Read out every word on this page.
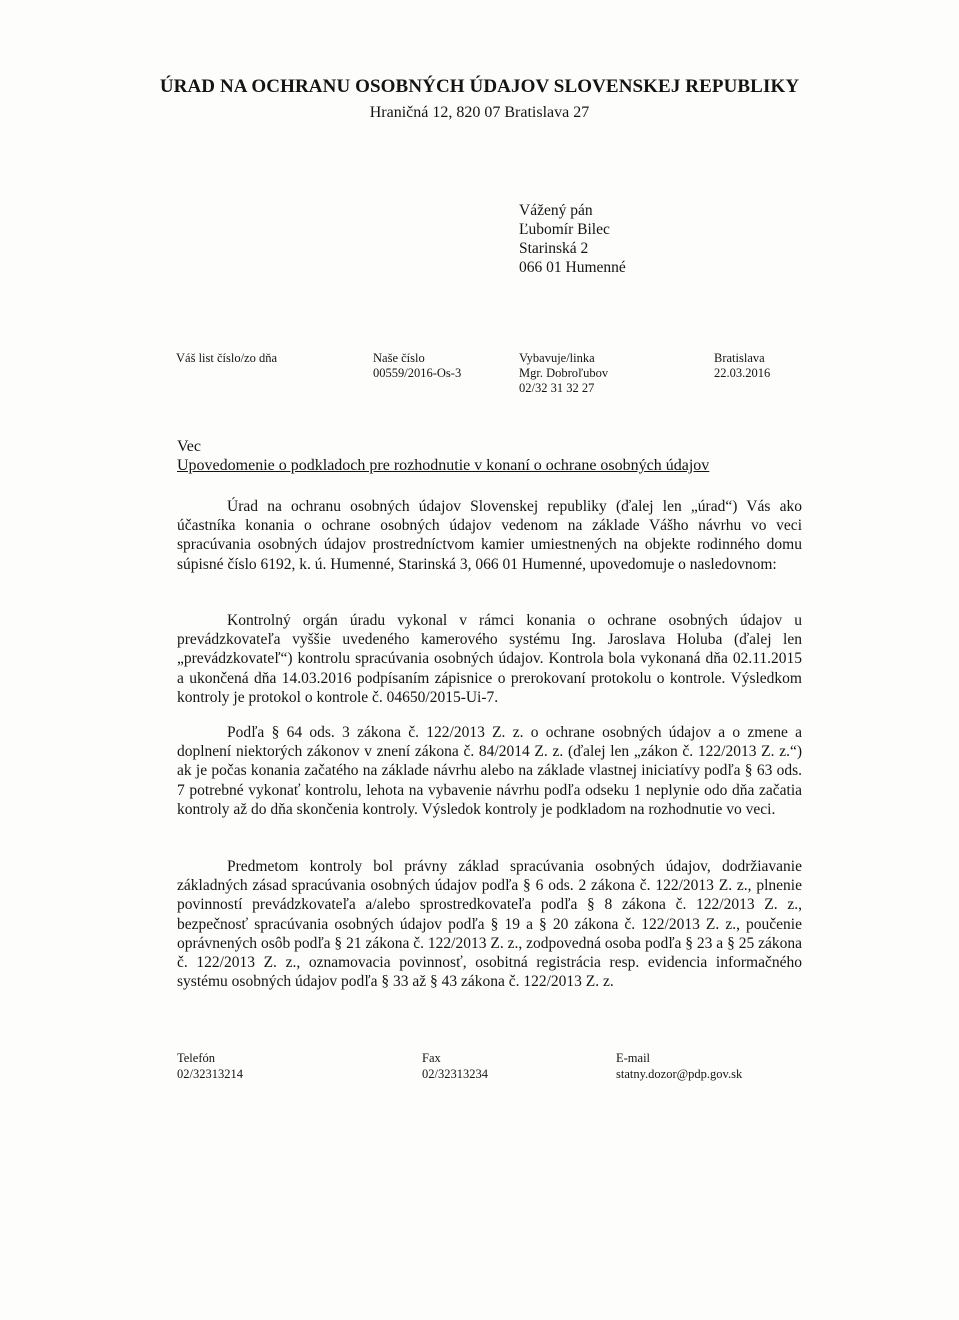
ÚRAD NA OCHRANU OSOBNÝCH ÚDAJOV SLOVENSKEJ REPUBLIKY
Hraničná 12, 820 07 Bratislava 27
Vážený pán
Ľubomír Bilec
Starinská 2
066 01 Humenné
Váš list číslo/zo dňa	Naše číslo
00559/2016-Os-3
Vybavuje/linka
Mgr. Dobroľubov
02/32 31 32 27
Bratislava
22.03.2016
Vec
Upovedomenie o podkladoch pre rozhodnutie v konaní o ochrane osobných údajov

Úrad na ochranu osobných údajov Slovenskej republiky (ďalej len „úrad“) Vás ako účastníka konania o ochrane osobných údajov vedenom na základe Vášho návrhu vo veci spracúvania osobných údajov prostredníctvom kamier umiestnených na objekte rodinného domu súpisné číslo 6192, k. ú. Humenné, Starinská 3, 066 01 Humenné, upovedomuje o nasledovnom:

Kontrolný orgán úradu vykonal v rámci konania o ochrane osobných údajov u prevádzkovateľa vyššie uvedeného kamerového systému Ing. Jaroslava Holuba (ďalej len „prevádzkovateľ“) kontrolu spracúvania osobných údajov. Kontrola bola vykonaná dňa 02.11.2015 a ukončená dňa 14.03.2016 podpísaním zápisnice o prerokovaní protokolu o kontrole. Výsledkom kontroly je protokol o kontrole č. 04650/2015-Ui-7.

Podľa § 64 ods. 3 zákona č. 122/2013 Z. z. o ochrane osobných údajov a o zmene a doplnení niektorých zákonov v znení zákona č. 84/2014 Z. z. (ďalej len „zákon č. 122/2013 Z. z.“) ak je počas konania začatého na základe návrhu alebo na základe vlastnej iniciatívy podľa § 63 ods. 7 potrebné vykonať kontrolu, lehota na vybavenie návrhu podľa odseku 1 neplynie odo dňa začatia kontroly až do dňa skončenia kontroly. Výsledok kontroly je podkladom na rozhodnutie vo veci.

Predmetom kontroly bol právny základ spracúvania osobných údajov, dodržiavanie základných zásad spracúvania osobných údajov podľa § 6 ods. 2 zákona č. 122/2013 Z. z., plnenie povinností prevádzkovateľa a/alebo sprostredkovateľa podľa § 8 zákona č. 122/2013 Z. z., bezpečnosť spracúvania osobných údajov podľa § 19 a § 20 zákona č. 122/2013 Z. z., poučenie oprávnených osôb podľa § 21 zákona č. 122/2013 Z. z., zodpovedná osoba podľa § 23 a § 25 zákona č. 122/2013 Z. z., oznamovacia povinnosť, osobitná registrácia resp. evidencia informačného systému osobných údajov podľa § 33 až § 43 zákona č. 122/2013 Z. z.

Telefón
02/32313214
Fax
02/32313234
E-mail
statny.dozor@pdp.gov.sk
